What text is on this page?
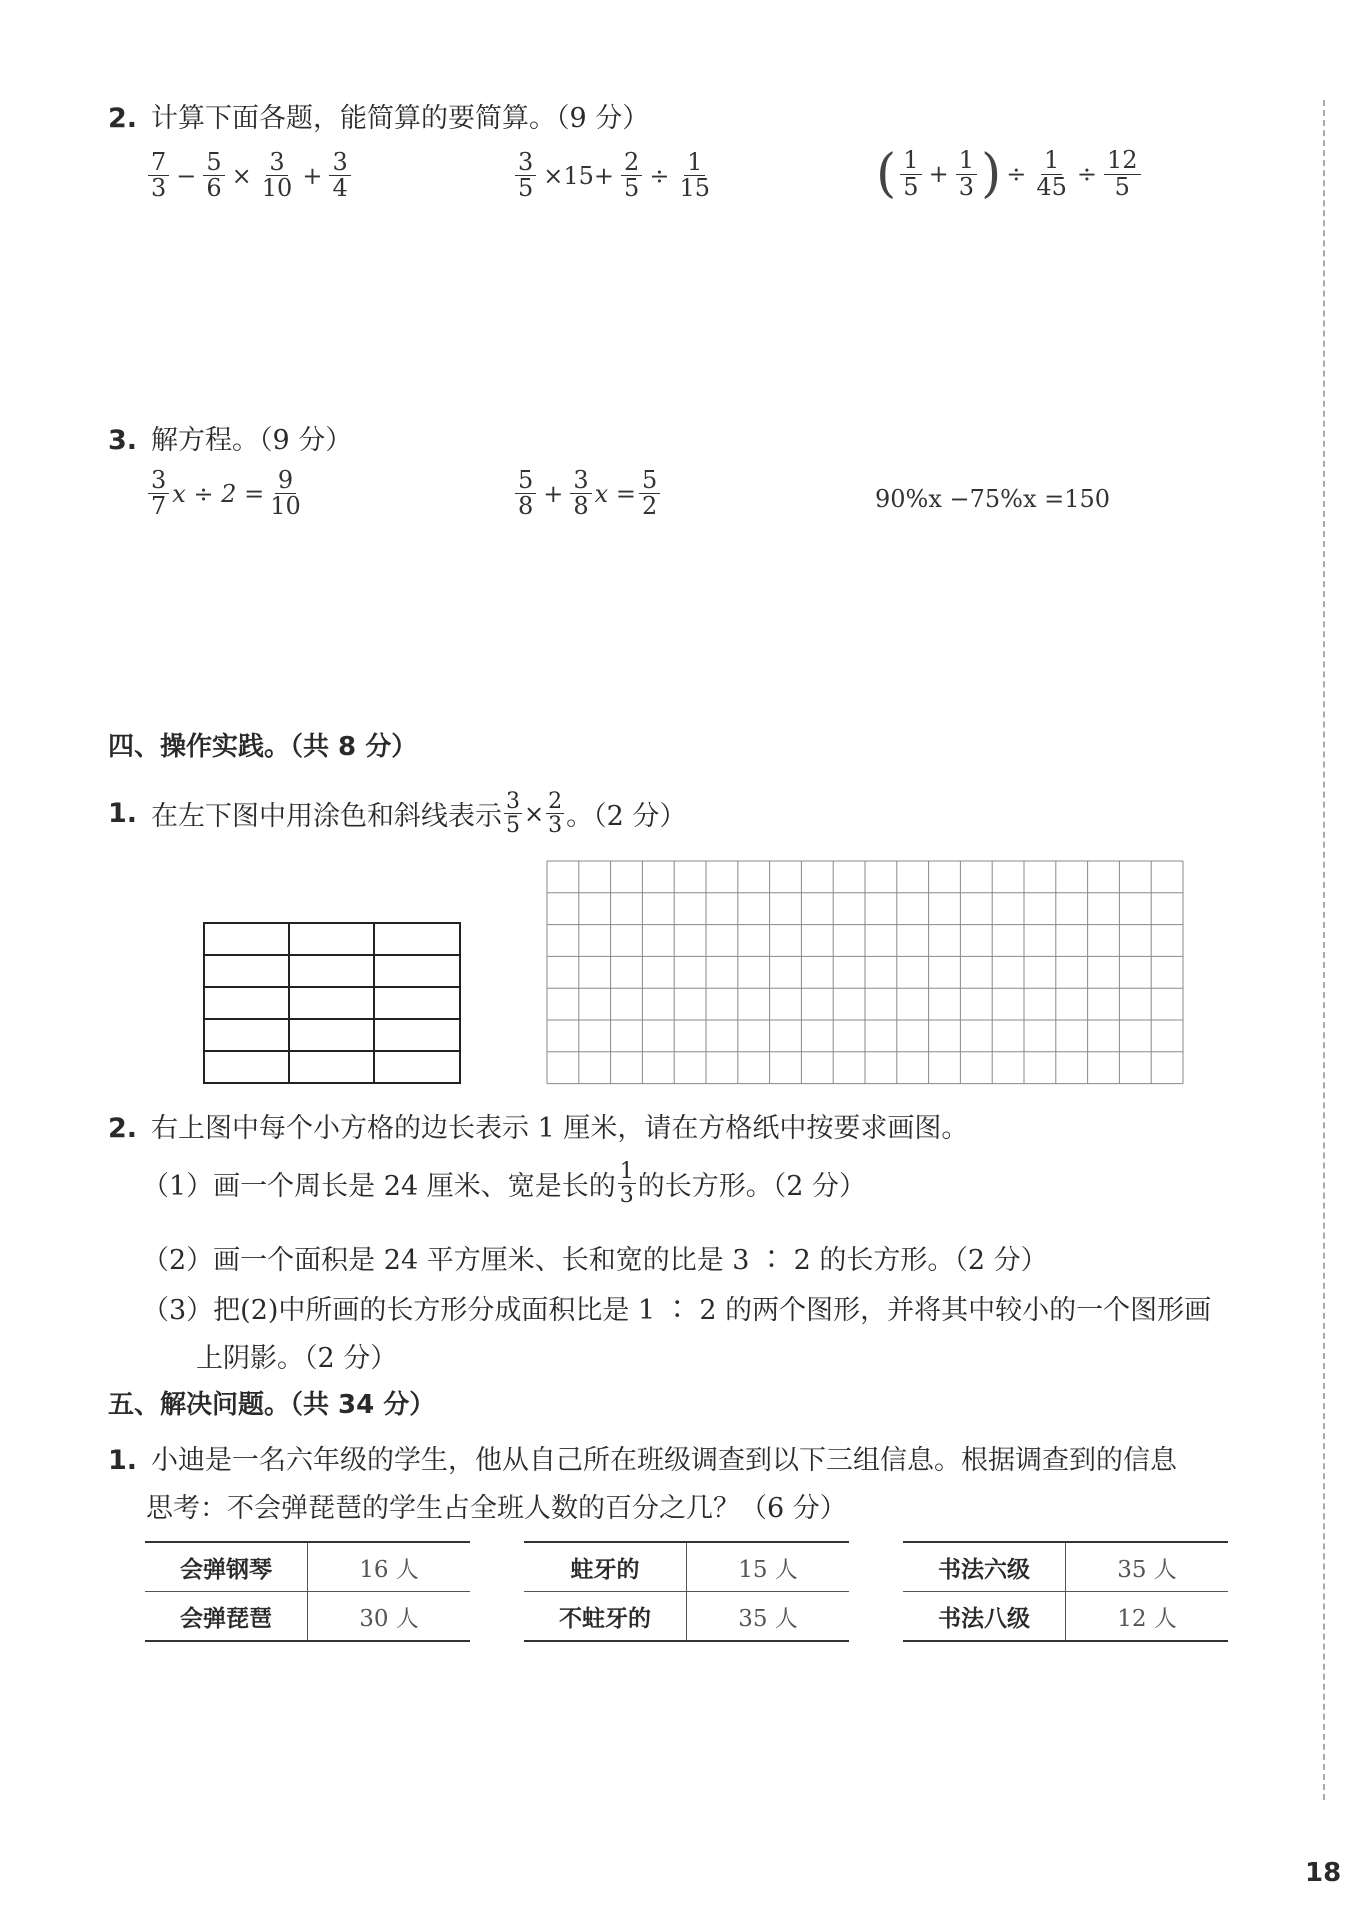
2. 计算下面各题，能简算的要简算。（9 分）
$\frac{7}{3} - \frac{5}{6} \times \frac{3}{10} + \frac{3}{4}$	$\frac{3}{5} \times 15+ \frac{2}{5} \div \frac{1}{15}$	( $\frac{1}{5} + \frac{1}{3}$ ) ÷ $\frac{1}{45} \div \frac{12}{5}$
3. 解方程。（9 分）
$\frac{3}{7}$ $x \div 2 = \frac{9}{10}$	$\frac{5}{8} + \frac{3}{8}$ $x = \frac{5}{2}$	90%x −75%x =150
四、操作实践。（共 8 分）
1. 在左下图中用涂色和斜线表示 $\frac{3}{5} \times \frac{2}{3}$ 。（2 分）
2. 右上图中每个小方格的边长表示 1 厘米，请在方格纸中按要求画图。
（1）画一个周长是 24 厘米、宽是长的 $\frac{1}{3}$ 的长方形。（2 分）
（2）画一个面积是 24 平方厘米、长和宽的比是 3 ∶ 2 的长方形。（2 分）
（3）把(2)中所画的长方形分成面积比是 1 ∶ 2 的两个图形，并将其中较小的一个图形画
上阴影。（2 分）
五、解决问题。（共 34 分）
1. 小迪是一名六年级的学生，他从自己所在班级调查到以下三组信息。根据调查到的信息
思考：不会弹琵琶的学生占全班人数的百分之几？（6 分）
会弹钢琴	16 人
会弹琵琶	30 人
蛀牙的	15 人
不蛀牙的	35 人
书法六级	35 人
书法八级	12 人
18
